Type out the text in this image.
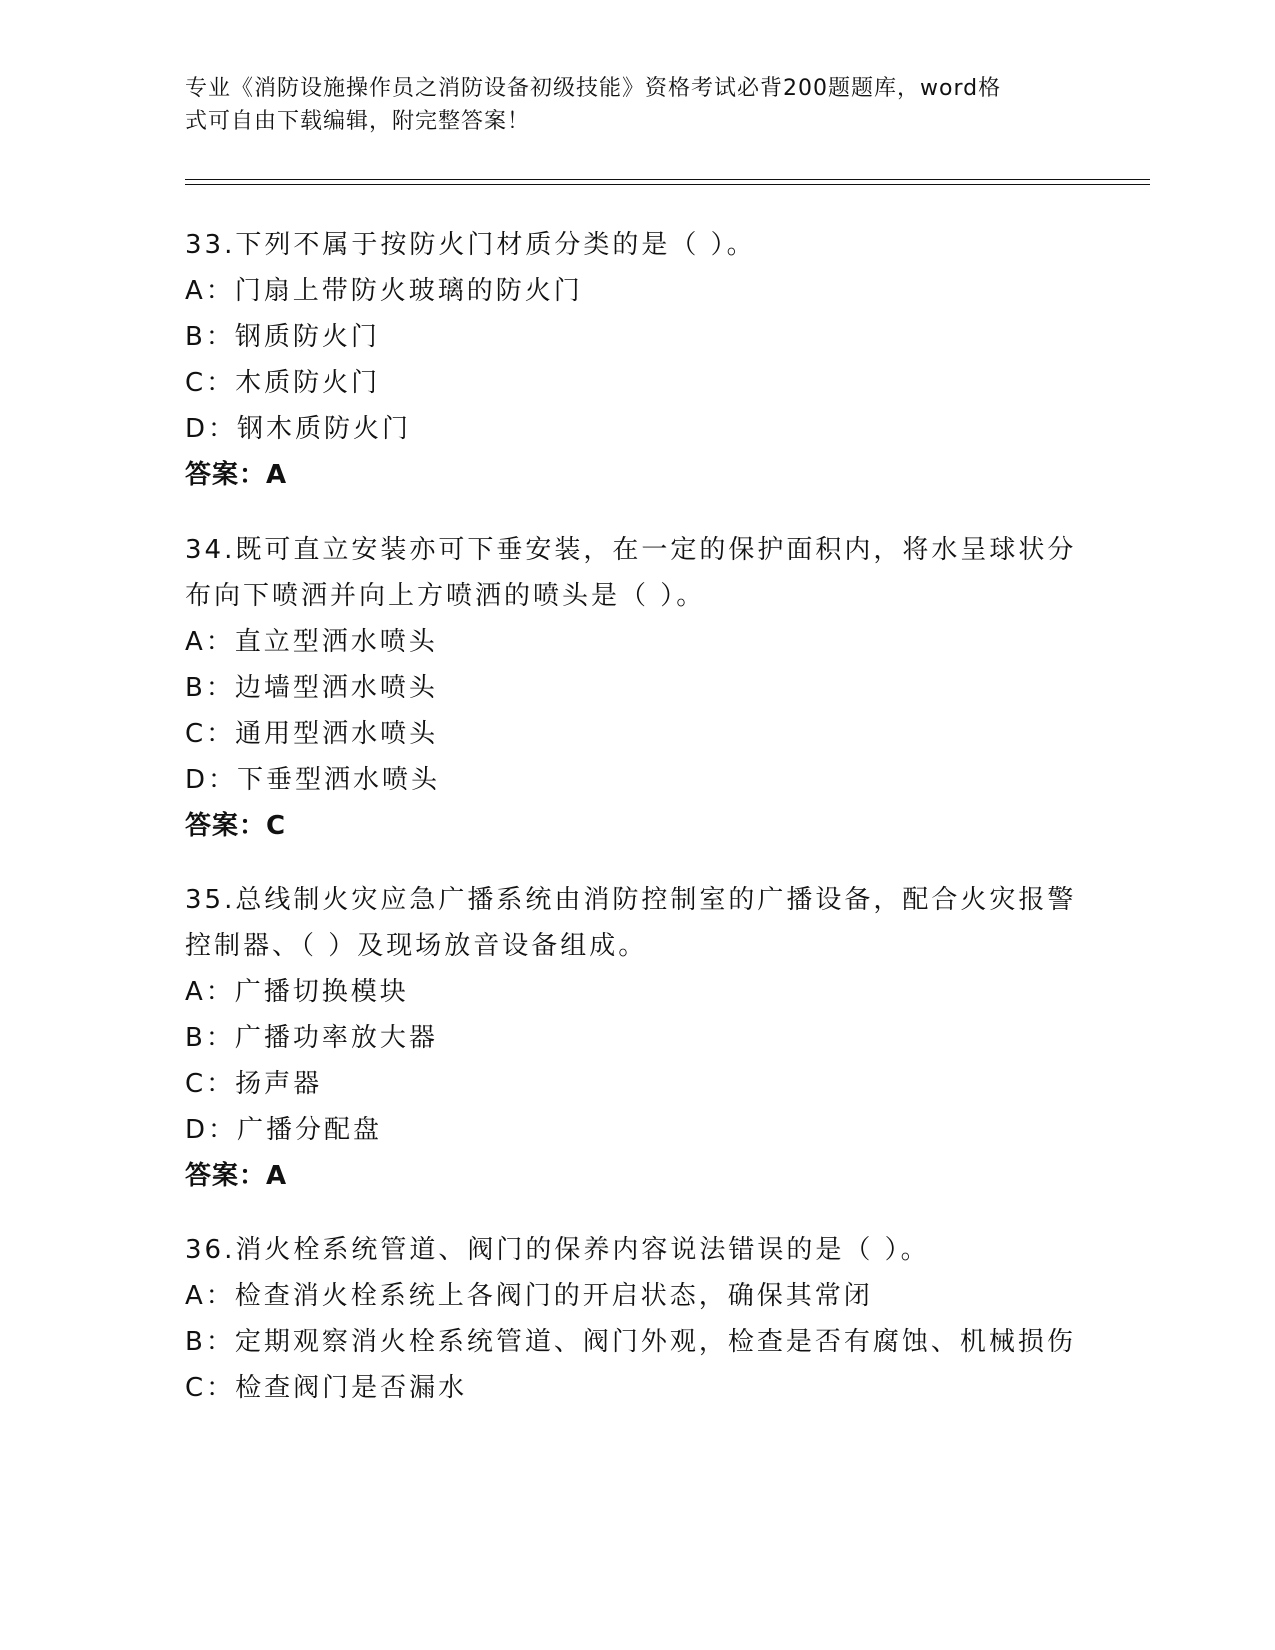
专业《消防设施操作员之消防设备初级技能》资格考试必背200题题库，word格
式可自由下载编辑，附完整答案！
33.下列不属于按防火门材质分类的是（ ）。
A：门扇上带防火玻璃的防火门
B：钢质防火门
C：木质防火门
D：钢木质防火门
答案：A
34.既可直立安装亦可下垂安装，在一定的保护面积内，将水呈球状分
布向下喷洒并向上方喷洒的喷头是（ ）。
A：直立型洒水喷头
B：边墙型洒水喷头
C：通用型洒水喷头
D：下垂型洒水喷头
答案：C
35.总线制火灾应急广播系统由消防控制室的广播设备，配合火灾报警
控制器、（ ）及现场放音设备组成。
A：广播切换模块
B：广播功率放大器
C：扬声器
D：广播分配盘
答案：A
36.消火栓系统管道、阀门的保养内容说法错误的是（ ）。
A：检查消火栓系统上各阀门的开启状态，确保其常闭
B：定期观察消火栓系统管道、阀门外观，检查是否有腐蚀、机械损伤
C：检查阀门是否漏水
